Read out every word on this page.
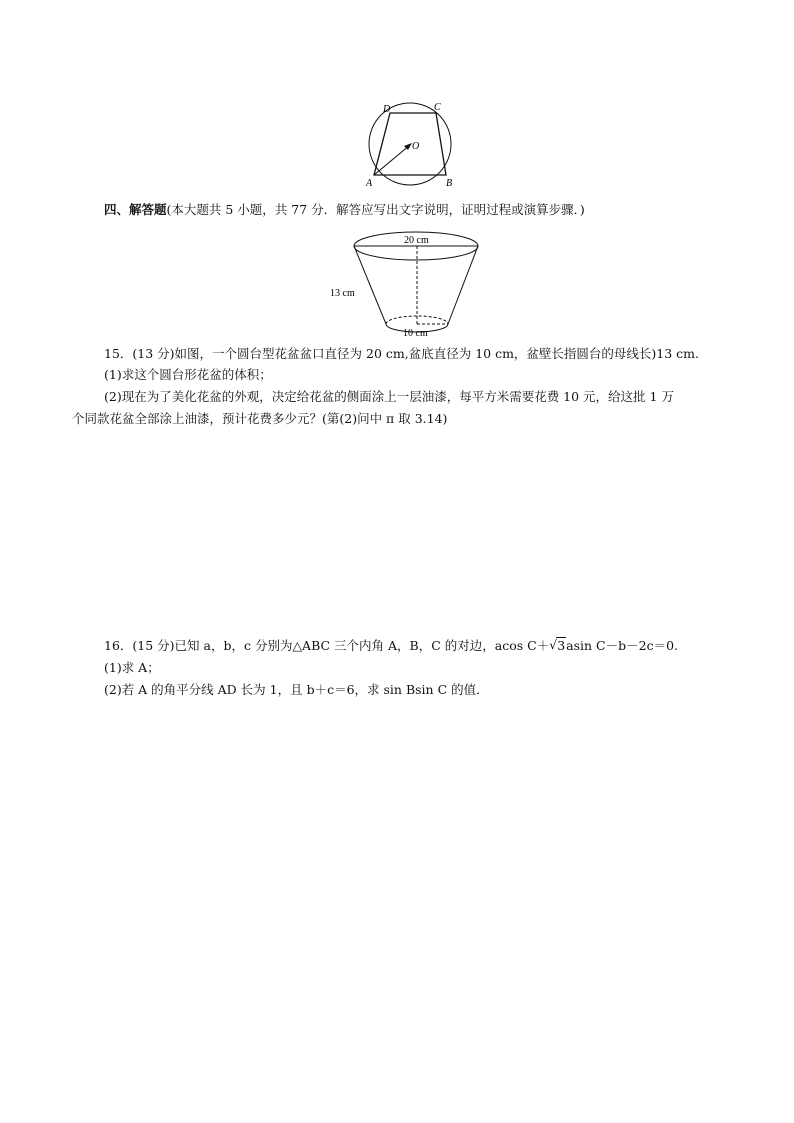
D	C
O
A	B
四、解答题(本大题共 5 小题，共 77 分．解答应写出文字说明，证明过程或演算步骤．)
20 cm
13 cm
10 cm
15．(13 分)如图，一个圆台型花盆盆口直径为 20 cm,盆底直径为 10 cm，盆壁长指圆台的母线长)13 cm.
(1)求这个圆台形花盆的体积；
(2)现在为了美化花盆的外观，决定给花盆的侧面涂上一层油漆，每平方米需要花费 10 元，给这批 1 万
个同款花盆全部涂上油漆，预计花费多少元？(第(2)问中 π 取 3.14)
16．(15 分)已知 a，b，c 分别为△ABC 三个内角 A，B，C 的对边，acos C＋ √ 3asin C－b－2c＝0.
(1)求 A；
(2)若 A 的角平分线 AD 长为 1，且 b＋c＝6，求 sin Bsin C 的值．
